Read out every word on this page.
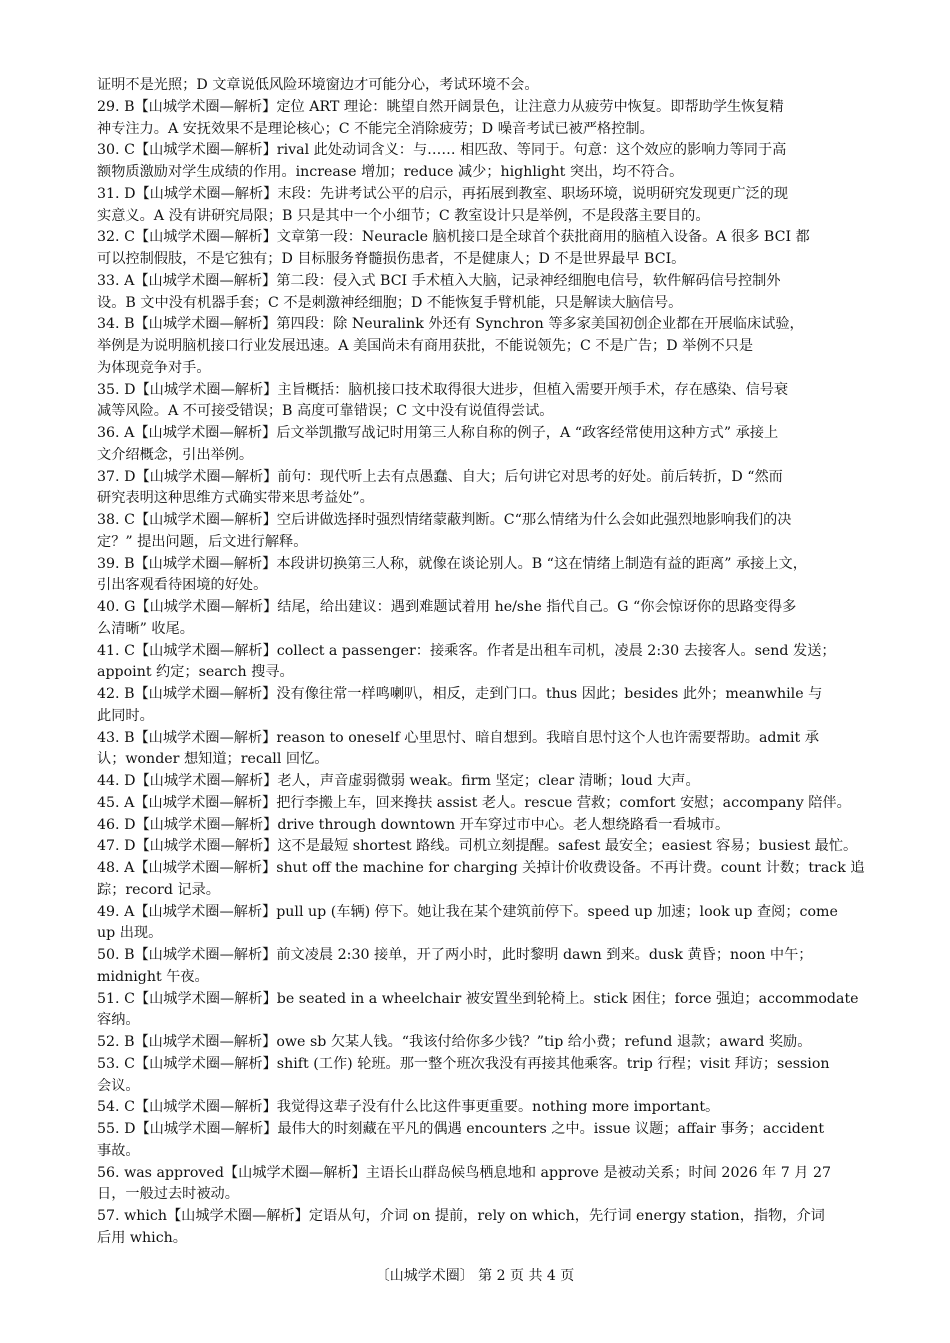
证明不是光照；D 文章说低风险环境窗边才可能分心，考试环境不会。
29. B【山城学术圈—解析】定位 ART 理论：眺望自然开阔景色，让注意力从疲劳中恢复。即帮助学生恢复精
神专注力。A 安抚效果不是理论核心；C 不能完全消除疲劳；D 噪音考试已被严格控制。
30. C【山城学术圈—解析】rival 此处动词含义：与…… 相匹敌、等同于。句意：这个效应的影响力等同于高
额物质激励对学生成绩的作用。increase 增加；reduce 减少；highlight 突出，均不符合。
31. D【山城学术圈—解析】末段：先讲考试公平的启示，再拓展到教室、职场环境，说明研究发现更广泛的现
实意义。A 没有讲研究局限；B 只是其中一个小细节；C 教室设计只是举例，不是段落主要目的。
32. C【山城学术圈—解析】文章第一段：Neuracle 脑机接口是全球首个获批商用的脑植入设备。A 很多 BCI 都
可以控制假肢，不是它独有；D 目标服务脊髓损伤患者，不是健康人；D 不是世界最早 BCI。
33. A【山城学术圈—解析】第二段：侵入式 BCI 手术植入大脑，记录神经细胞电信号，软件解码信号控制外
设。B 文中没有机器手套；C 不是刺激神经细胞；D 不能恢复手臂机能，只是解读大脑信号。
34. B【山城学术圈—解析】第四段：除 Neuralink 外还有 Synchron 等多家美国初创企业都在开展临床试验，
举例是为说明脑机接口行业发展迅速。A 美国尚未有商用获批，不能说领先；C 不是广告；D 举例不只是
为体现竞争对手。
35. D【山城学术圈—解析】主旨概括：脑机接口技术取得很大进步，但植入需要开颅手术，存在感染、信号衰
减等风险。A 不可接受错误；B 高度可靠错误；C 文中没有说值得尝试。
36. A【山城学术圈—解析】后文举凯撒写战记时用第三人称自称的例子，A “政客经常使用这种方式” 承接上
文介绍概念，引出举例。
37. D【山城学术圈—解析】前句：现代听上去有点愚蠢、自大；后句讲它对思考的好处。前后转折，D “然而
研究表明这种思维方式确实带来思考益处”。
38. C【山城学术圈—解析】空后讲做选择时强烈情绪蒙蔽判断。C“那么情绪为什么会如此强烈地影响我们的决
定？” 提出问题，后文进行解释。
39. B【山城学术圈—解析】本段讲切换第三人称，就像在谈论别人。B “这在情绪上制造有益的距离” 承接上文，
引出客观看待困境的好处。
40. G【山城学术圈—解析】结尾，给出建议：遇到难题试着用 he/she 指代自己。G “你会惊讶你的思路变得多
么清晰” 收尾。
41. C【山城学术圈—解析】collect a passenger：接乘客。作者是出租车司机，凌晨 2:30 去接客人。send 发送；
appoint 约定；search 搜寻。
42. B【山城学术圈—解析】没有像往常一样鸣喇叭，相反，走到门口。thus 因此；besides 此外；meanwhile 与
此同时。
43. B【山城学术圈—解析】reason to oneself 心里思忖、暗自想到。我暗自思忖这个人也许需要帮助。admit 承
认；wonder 想知道；recall 回忆。
44. D【山城学术圈—解析】老人，声音虚弱微弱 weak。firm 坚定；clear 清晰；loud 大声。
45. A【山城学术圈—解析】把行李搬上车，回来搀扶 assist 老人。rescue 营救；comfort 安慰；accompany 陪伴。
46. D【山城学术圈—解析】drive through downtown 开车穿过市中心。老人想绕路看一看城市。
47. D【山城学术圈—解析】这不是最短 shortest 路线。司机立刻提醒。safest 最安全；easiest 容易；busiest 最忙。
48. A【山城学术圈—解析】shut off the machine for charging 关掉计价收费设备。不再计费。count 计数；track 追
踪；record 记录。
49. A【山城学术圈—解析】pull up (车辆) 停下。她让我在某个建筑前停下。speed up 加速；look up 查阅；come
up 出现。
50. B【山城学术圈—解析】前文凌晨 2:30 接单，开了两小时，此时黎明 dawn 到来。dusk 黄昏；noon 中午；
midnight 午夜。
51. C【山城学术圈—解析】be seated in a wheelchair 被安置坐到轮椅上。stick 困住；force 强迫；accommodate
容纳。
52. B【山城学术圈—解析】owe sb 欠某人钱。“我该付给你多少钱？”tip 给小费；refund 退款；award 奖励。
53. C【山城学术圈—解析】shift (工作) 轮班。那一整个班次我没有再接其他乘客。trip 行程；visit 拜访；session
会议。
54. C【山城学术圈—解析】我觉得这辈子没有什么比这件事更重要。nothing more important。
55. D【山城学术圈—解析】最伟大的时刻藏在平凡的偶遇 encounters 之中。issue 议题；affair 事务；accident
事故。
56. was approved【山城学术圈—解析】主语长山群岛候鸟栖息地和 approve 是被动关系；时间 2026 年 7 月 27
日，一般过去时被动。
57. which【山城学术圈—解析】定语从句，介词 on 提前，rely on which，先行词 energy station，指物，介词
后用 which。
〔山城学术圈〕 第 2 页 共 4 页
